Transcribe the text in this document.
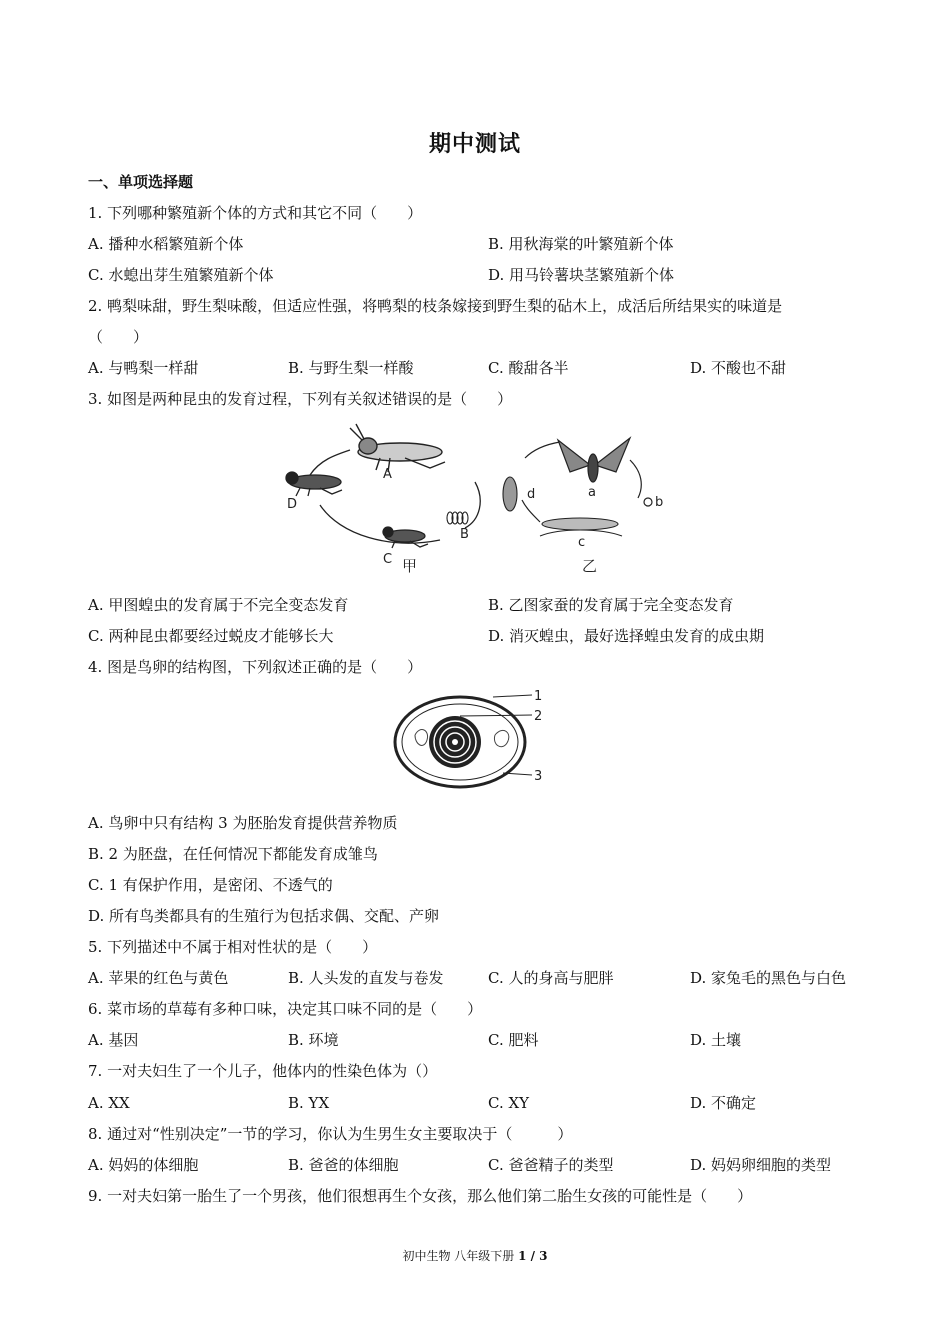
期中测试
一、单项选择题
1. 下列哪种繁殖新个体的方式和其它不同（　　）
A. 播种水稻繁殖新个体	B. 用秋海棠的叶繁殖新个体
C. 水螅出芽生殖繁殖新个体	D. 用马铃薯块茎繁殖新个体
2. 鸭梨味甜，野生梨味酸，但适应性强，将鸭梨的枝条嫁接到野生梨的砧木上，成活后所结果实的味道是
（　　）
A. 与鸭梨一样甜	B. 与野生梨一样酸	C. 酸甜各半	D. 不酸也不甜
3. 如图是两种昆虫的发育过程，下列有关叙述错误的是（　　）
A
B
C
D
甲
a
b
c
d
乙
A. 甲图蝗虫的发育属于不完全变态发育	B. 乙图家蚕的发育属于完全变态发育
C. 两种昆虫都要经过蜕皮才能够长大	D. 消灭蝗虫，最好选择蝗虫发育的成虫期
4. 图是鸟卵的结构图，下列叙述正确的是（　　）
1
2
3
A. 鸟卵中只有结构 3 为胚胎发育提供营养物质
B. 2 为胚盘，在任何情况下都能发育成雏鸟
C. 1 有保护作用，是密闭、不透气的
D. 所有鸟类都具有的生殖行为包括求偶、交配、产卵
5. 下列描述中不属于相对性状的是（　　）
A. 苹果的红色与黄色	B. 人头发的直发与卷发	C. 人的身高与肥胖	D. 家兔毛的黑色与白色
6. 菜市场的草莓有多种口味，决定其口味不同的是（　　）
A. 基因	B. 环境	C. 肥料	D. 土壤
7. 一对夫妇生了一个儿子，他体内的性染色体为（）
A. XX	B. YX	C. XY	D. 不确定
8. 通过对“性别决定”一节的学习，你认为生男生女主要取决于（　　　）
A. 妈妈的体细胞	B. 爸爸的体细胞	C. 爸爸精子的类型	D. 妈妈卵细胞的类型
9. 一对夫妇第一胎生了一个男孩，他们很想再生个女孩，那么他们第二胎生女孩的可能性是（　　）
初中生物 八年级下册 1 / 3
